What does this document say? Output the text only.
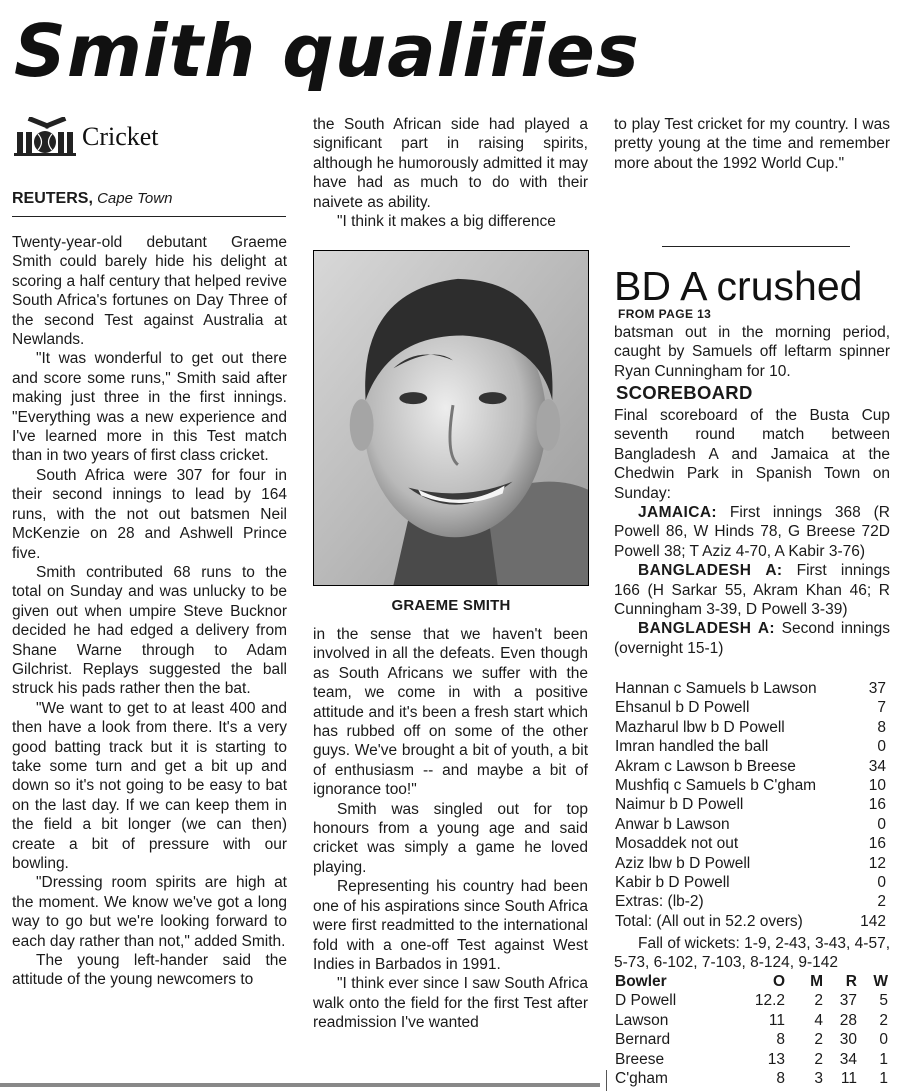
Smith qualifies
Cricket
REUTERS, Cape Town

Twenty-year-old debutant Graeme Smith could barely hide his delight at scoring a half century that helped revive South Africa's fortunes on Day Three of the second Test against Australia at Newlands.

"It was wonderful to get out there and score some runs," Smith said after making just three in the first innings. "Everything was a new experience and I've learned more in this Test match than in two years of first class cricket.

South Africa were 307 for four in their second innings to lead by 164 runs, with the not out batsmen Neil McKenzie on 28 and Ashwell Prince five.

Smith contributed 68 runs to the total on Sunday and was unlucky to be given out when umpire Steve Bucknor decided he had edged a delivery from Shane Warne through to Adam Gilchrist. Replays suggested the ball struck his pads rather then the bat.

"We want to get to at least 400 and then have a look from there. It's a very good batting track but it is starting to take some turn and get a bit up and down so it's not going to be easy to bat on the last day. If we can keep them in the field a bit longer (we can then) create a bit of pressure with our bowling.

"Dressing room spirits are high at the moment. We know we've got a long way to go but we're looking forward to each day rather than not," added Smith.

The young left-hander said the attitude of the young newcomers to

the South African side had played a significant part in raising spirits, although he humorously admitted it may have had as much to do with their naivete as ability.

"I think it makes a big difference

GRAEME SMITH

in the sense that we haven't been involved in all the defeats. Even though as South Africans we suffer with the team, we come in with a positive attitude and it's been a fresh start which has rubbed off on some of the other guys. We've brought a bit of youth, a bit of enthusiasm -- and maybe a bit of ignorance too!"

Smith was singled out for top honours from a young age and said cricket was simply a game he loved playing.

Representing his country had been one of his aspirations since South Africa were first readmitted to the international fold with a one-off Test against West Indies in Barbados in 1991.

"I think ever since I saw South Africa walk onto the field for the first Test after readmission I've wanted

to play Test cricket for my country. I was pretty young at the time and remember more about the 1992 World Cup."

BD A crushed
FROM PAGE 13

batsman out in the morning period, caught by Samuels off leftarm spinner Ryan Cunningham for 10.

SCOREBOARD

Final scoreboard of the Busta Cup seventh round match between Bangladesh A and Jamaica at the Chedwin Park in Spanish Town on Sunday:

JAMAICA: First innings 368 (R Powell 86, W Hinds 78, G Breese 72D Powell 38; T Aziz 4-70, A Kabir 3-76)

BANGLADESH A: First innings 166 (H Sarkar 55, Akram Khan 46; R Cunningham 3-39, D Powell 3-39)

BANGLADESH A: Second innings (overnight 15-1)

Hannan c Samuels b Lawson	37
Ehsanul b D Powell	7
Mazharul lbw b D Powell	8
Imran handled the ball	0
Akram c Lawson b Breese	34
Mushfiq c Samuels b C'gham	10
Naimur b D Powell	16
Anwar b Lawson	0
Mosaddek not out	16
Aziz lbw b D Powell	12
Kabir b D Powell	0
Extras: (lb-2)	2
Total: (All out in 52.2 overs)	142
Fall of wickets: 1-9, 2-43, 3-43, 4-57, 5-73, 6-102, 7-103, 8-124, 9-142
Bowler	O	M	R	W
D Powell	12.2	2	37	5
Lawson	11	4	28	2
Bernard	8	2	30	0
Breese	13	2	34	1
C'gham	8	3	11	1
